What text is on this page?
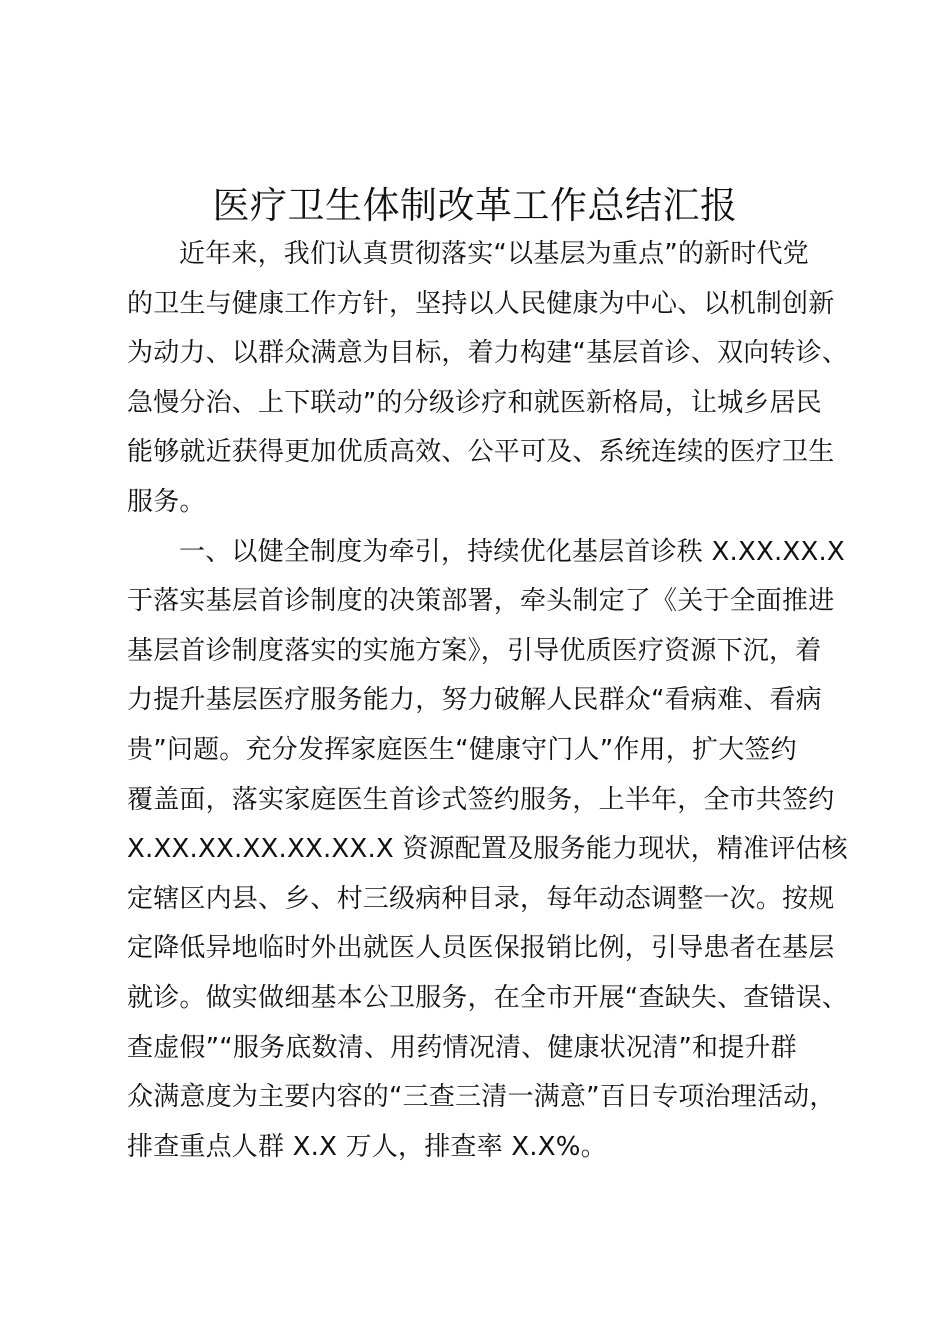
医疗卫生体制改革工作总结汇报
近年来，我们认真贯彻落实“以基层为重点”的新时代党
的卫生与健康工作方针，坚持以人民健康为中心、以机制创新
为动力、以群众满意为目标，着力构建“基层首诊、双向转诊、
急慢分治、上下联动”的分级诊疗和就医新格局，让城乡居民
能够就近获得更加优质高效、公平可及、系统连续的医疗卫生
服务。
一、以健全制度为牵引，持续优化基层首诊秩 X.XX.XX.X
于落实基层首诊制度的决策部署，牵头制定了《关于全面推进
基层首诊制度落实的实施方案》，引导优质医疗资源下沉，着
力提升基层医疗服务能力，努力破解人民群众“看病难、看病
贵”问题。充分发挥家庭医生“健康守门人”作用，扩大签约
覆盖面，落实家庭医生首诊式签约服务，上半年，全市共签约
X.XX.XX.XX.XX.XX.X 资源配置及服务能力现状，精准评估核
定辖区内县、乡、村三级病种目录，每年动态调整一次。按规
定降低异地临时外出就医人员医保报销比例，引导患者在基层
就诊。做实做细基本公卫服务，在全市开展“查缺失、查错误、
查虚假”“服务底数清、用药情况清、健康状况清”和提升群
众满意度为主要内容的“三查三清一满意”百日专项治理活动，
排查重点人群 X.X 万人，排查率 X.X%。
